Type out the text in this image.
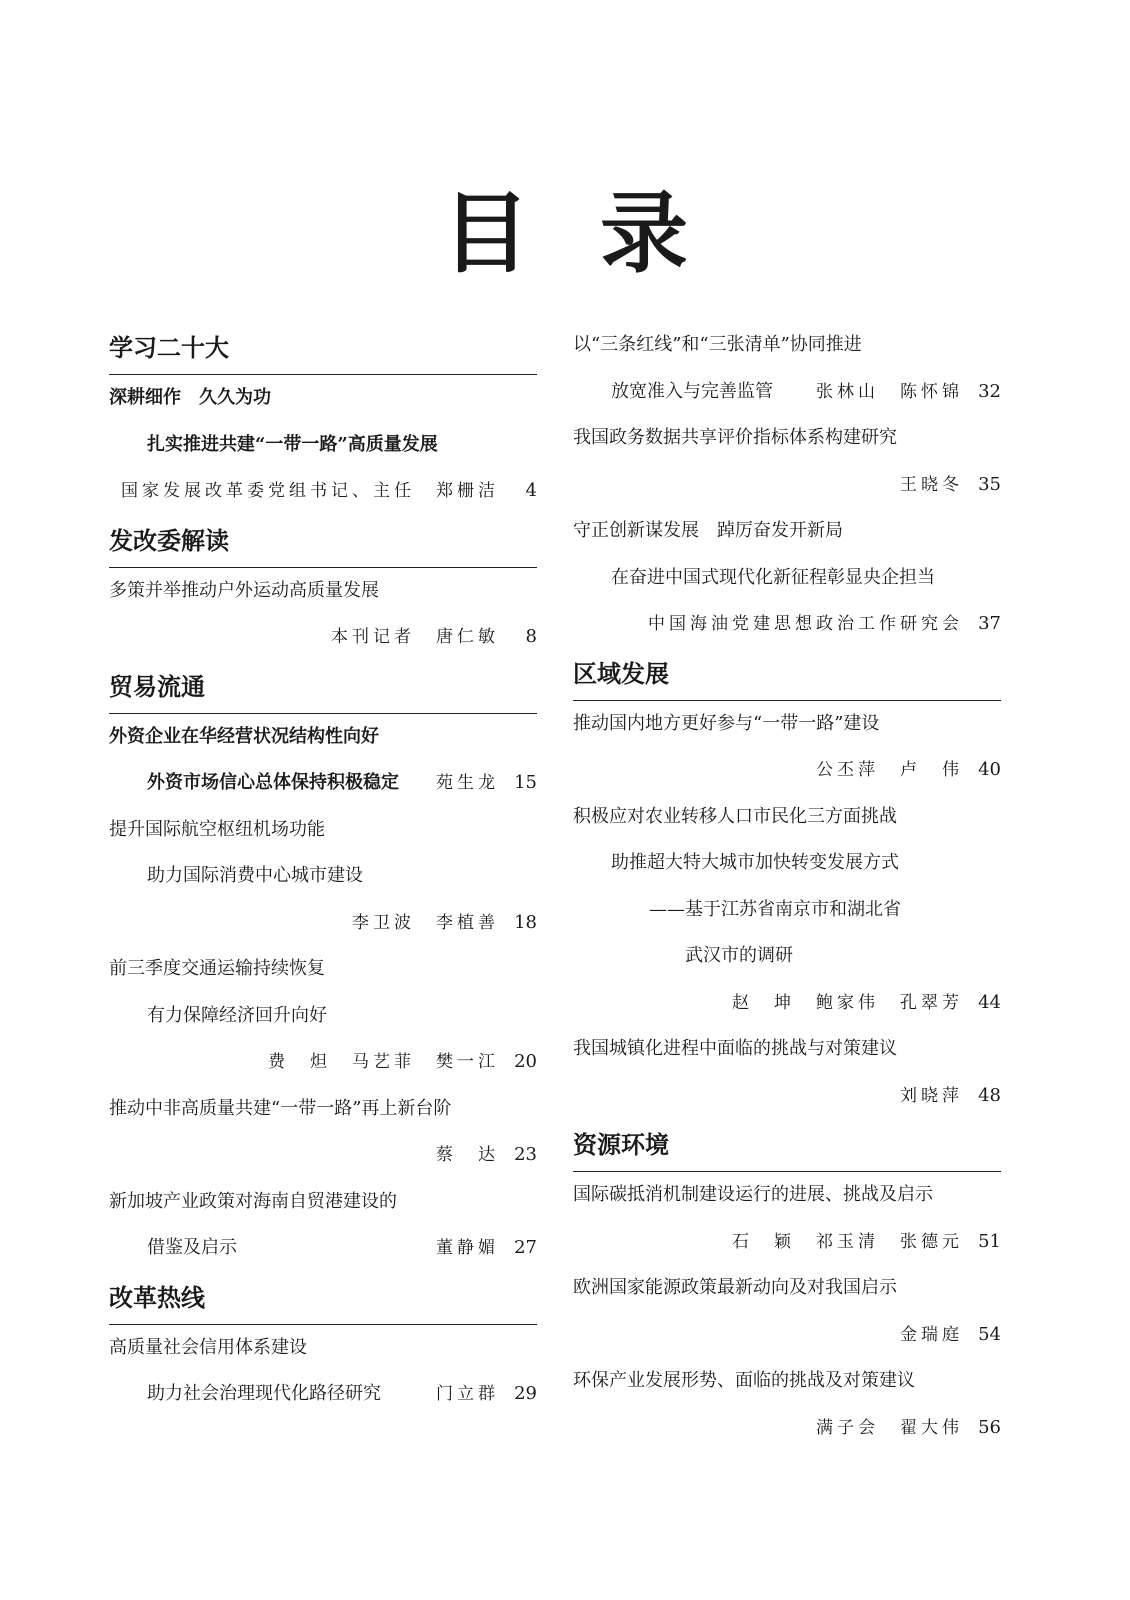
目 录
学习二十大
深耕细作　久久为功
扎实推进共建“一带一路”高质量发展
国家发展改革委党组书记、主任　郑栅洁	4
发改委解读
多策并举推动户外运动高质量发展
本刊记者　唐仁敏	8
贸易流通
外资企业在华经营状况结构性向好
外资市场信心总体保持积极稳定 苑生龙 15
提升国际航空枢纽机场功能
助力国际消费中心城市建设
李卫波　李植善 18
前三季度交通运输持续恢复
有力保障经济回升向好
费　炟　马艺菲　樊一江 20
推动中非高质量共建“一带一路”再上新台阶
蔡　达 23
新加坡产业政策对海南自贸港建设的
借鉴及启示	董静媚 27
改革热线
高质量社会信用体系建设
助力社会治理现代化路径研究	门立群 29
以“三条红线”和“三张清单”协同推进
放宽准入与完善监管	张林山　陈怀锦 32
我国政务数据共享评价指标体系构建研究
王晓冬 35
守正创新谋发展　踔厉奋发开新局
在奋进中国式现代化新征程彰显央企担当
中国海油党建思想政治工作研究会 37
区域发展
推动国内地方更好参与“一带一路”建设
公丕萍　卢　伟 40
积极应对农业转移人口市民化三方面挑战
助推超大特大城市加快转变发展方式
——基于江苏省南京市和湖北省
武汉市的调研
赵　坤　鲍家伟　孔翠芳 44
我国城镇化进程中面临的挑战与对策建议
刘晓萍 48
资源环境
国际碳抵消机制建设运行的进展、挑战及启示
石　颖　祁玉清　张德元 51
欧洲国家能源政策最新动向及对我国启示
金瑞庭 54
环保产业发展形势、面临的挑战及对策建议
满子会　翟大伟 56
